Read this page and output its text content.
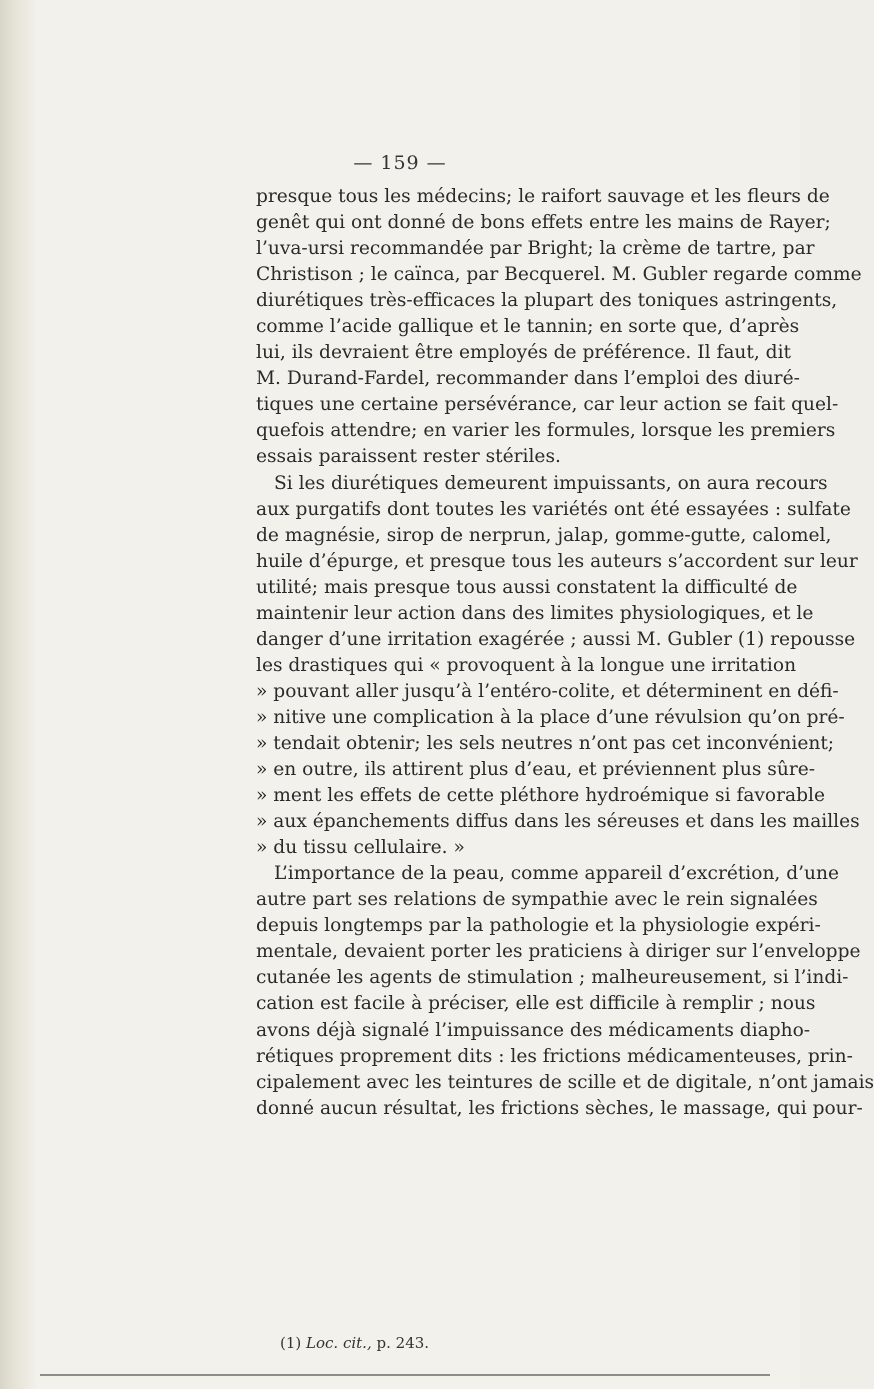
— 159 —
presque tous les médecins; le raifort sauvage et les fleurs de
genêt qui ont donné de bons effets entre les mains de Rayer;
l’uva-ursi recommandée par Bright; la crème de tartre, par
Christison ; le caïnca, par Becquerel. M. Gubler regarde comme
diurétiques très-efficaces la plupart des toniques astringents,
comme l’acide gallique et le tannin; en sorte que, d’après
lui, ils devraient être employés de préférence. Il faut, dit
M. Durand-Fardel, recommander dans l’emploi des diuré-
tiques une certaine persévérance, car leur action se fait quel-
quefois attendre; en varier les formules, lorsque les premiers
essais paraissent rester stériles.
Si les diurétiques demeurent impuissants, on aura recours
aux purgatifs dont toutes les variétés ont été essayées : sulfate
de magnésie, sirop de nerprun, jalap, gomme-gutte, calomel,
huile d’épurge, et presque tous les auteurs s’accordent sur leur
utilité; mais presque tous aussi constatent la difficulté de
maintenir leur action dans des limites physiologiques, et le
danger d’une irritation exagérée ; aussi M. Gubler (1) repousse
les drastiques qui « provoquent à la longue une irritation
» pouvant aller jusqu’à l’entéro-colite, et déterminent en défi-
» nitive une complication à la place d’une révulsion qu’on pré-
» tendait obtenir; les sels neutres n’ont pas cet inconvénient;
» en outre, ils attirent plus d’eau, et préviennent plus sûre-
» ment les effets de cette pléthore hydroémique si favorable
» aux épanchements diffus dans les séreuses et dans les mailles
» du tissu cellulaire. »
L’importance de la peau, comme appareil d’excrétion, d’une
autre part ses relations de sympathie avec le rein signalées
depuis longtemps par la pathologie et la physiologie expéri-
mentale, devaient porter les praticiens à diriger sur l’enveloppe
cutanée les agents de stimulation ; malheureusement, si l’indi-
cation est facile à préciser, elle est difficile à remplir ; nous
avons déjà signalé l’impuissance des médicaments diapho-
rétiques proprement dits : les frictions médicamenteuses, prin-
cipalement avec les teintures de scille et de digitale, n’ont jamais
donné aucun résultat, les frictions sèches, le massage, qui pour-
(1) Loc. cit., p. 243.
